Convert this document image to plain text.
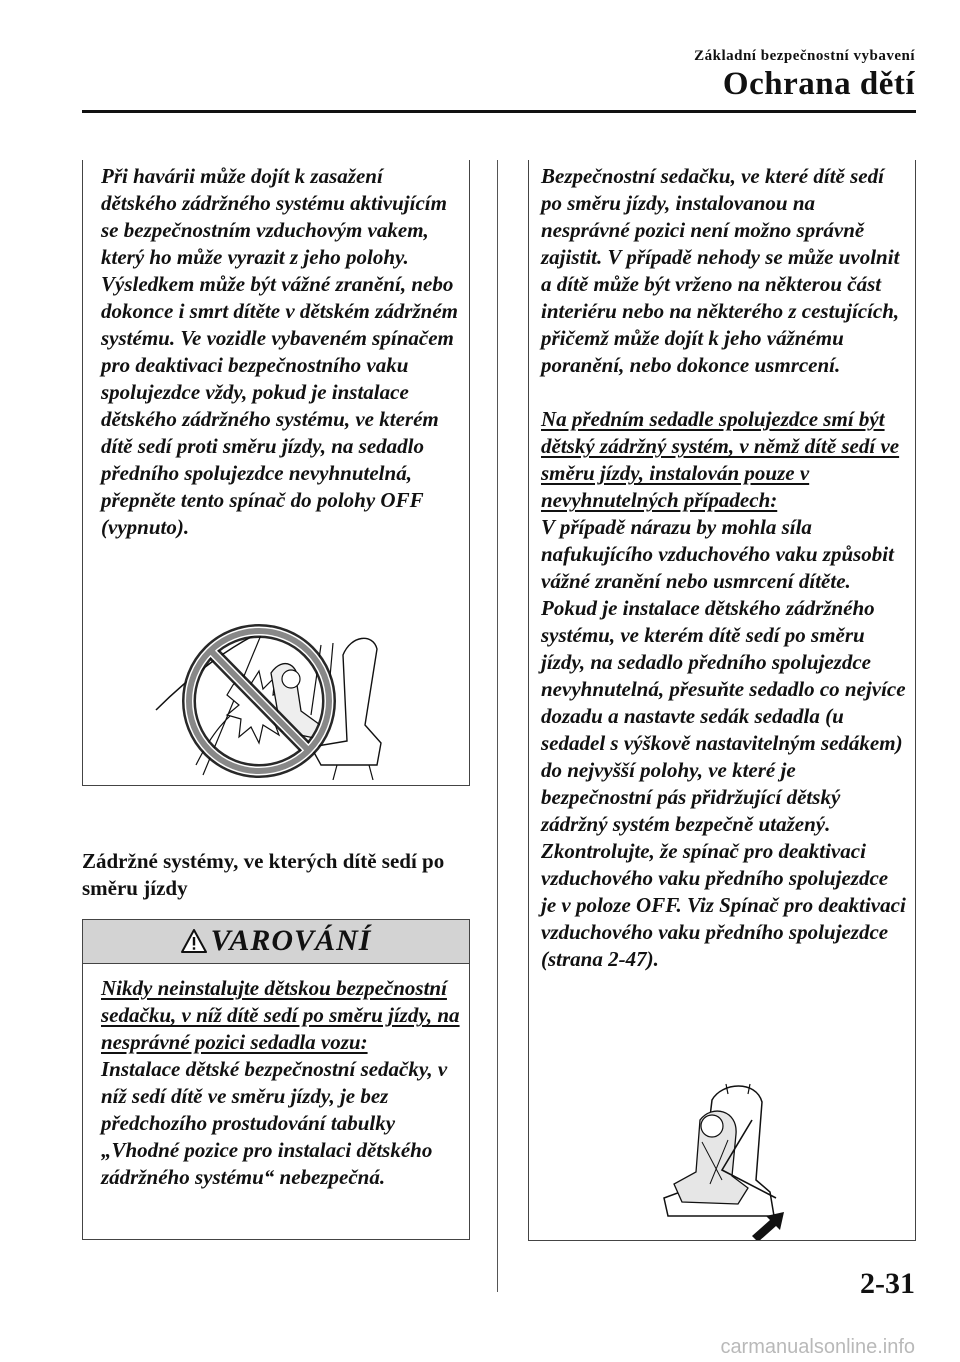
Základní bezpečnostní vybavení
Ochrana dětí

Při havárii může dojít k zasažení dětského zádržného systému aktivujícím se bezpečnostním vzduchovým vakem, který ho může vyrazit z jeho polohy. Výsledkem může být vážné zranění, nebo dokonce i smrt dítěte v dětském zádržném systému. Ve vozidle vybaveném spínačem pro deaktivaci bezpečnostního vaku spolujezdce vždy, pokud je instalace dětského zádržného systému, ve kterém dítě sedí proti směru jízdy, na sedadlo předního spolujezdce nevyhnutelná, přepněte tento spínač do polohy OFF (vypnuto).

Zádržné systémy, ve kterých dítě sedí po směru jízdy
VAROVÁNÍ

Nikdy neinstalujte dětskou bezpečnostní sedačku, v níž dítě sedí po směru jízdy, na nesprávné pozici sedadla vozu:
Instalace dětské bezpečnostní sedačky, v níž sedí dítě ve směru jízdy, je bez předchozího prostudování tabulky „Vhodné pozice pro instalaci dětského zádržného systému“ nebezpečná.

Bezpečnostní sedačku, ve které dítě sedí po směru jízdy, instalovanou na nesprávné pozici není možno správně zajistit. V případě nehody se může uvolnit a dítě může být vrženo na některou část interiéru nebo na některého z cestujících, přičemž může dojít k jeho vážnému poranění, nebo dokonce usmrcení.

Na předním sedadle spolujezdce smí být dětský zádržný systém, v němž dítě sedí ve směru jízdy, instalován pouze v nevyhnutelných případech:
V případě nárazu by mohla síla nafukujícího vzduchového vaku způsobit vážné zranění nebo usmrcení dítěte. Pokud je instalace dětského zádržného systému, ve kterém dítě sedí po směru jízdy, na sedadlo předního spolujezdce nevyhnutelná, přesuňte sedadlo co nejvíce dozadu a nastavte sedák sedadla (u sedadel s výškově nastavitelným sedákem) do nejvyšší polohy, ve které je bezpečnostní pás přidržující dětský zádržný systém bezpečně utažený.
Zkontrolujte, že spínač pro deaktivaci vzduchového vaku předního spolujezdce je v poloze OFF. Viz Spínač pro deaktivaci vzduchového vaku předního spolujezdce (strana 2-47).

2-31
carmanualsonline.info
